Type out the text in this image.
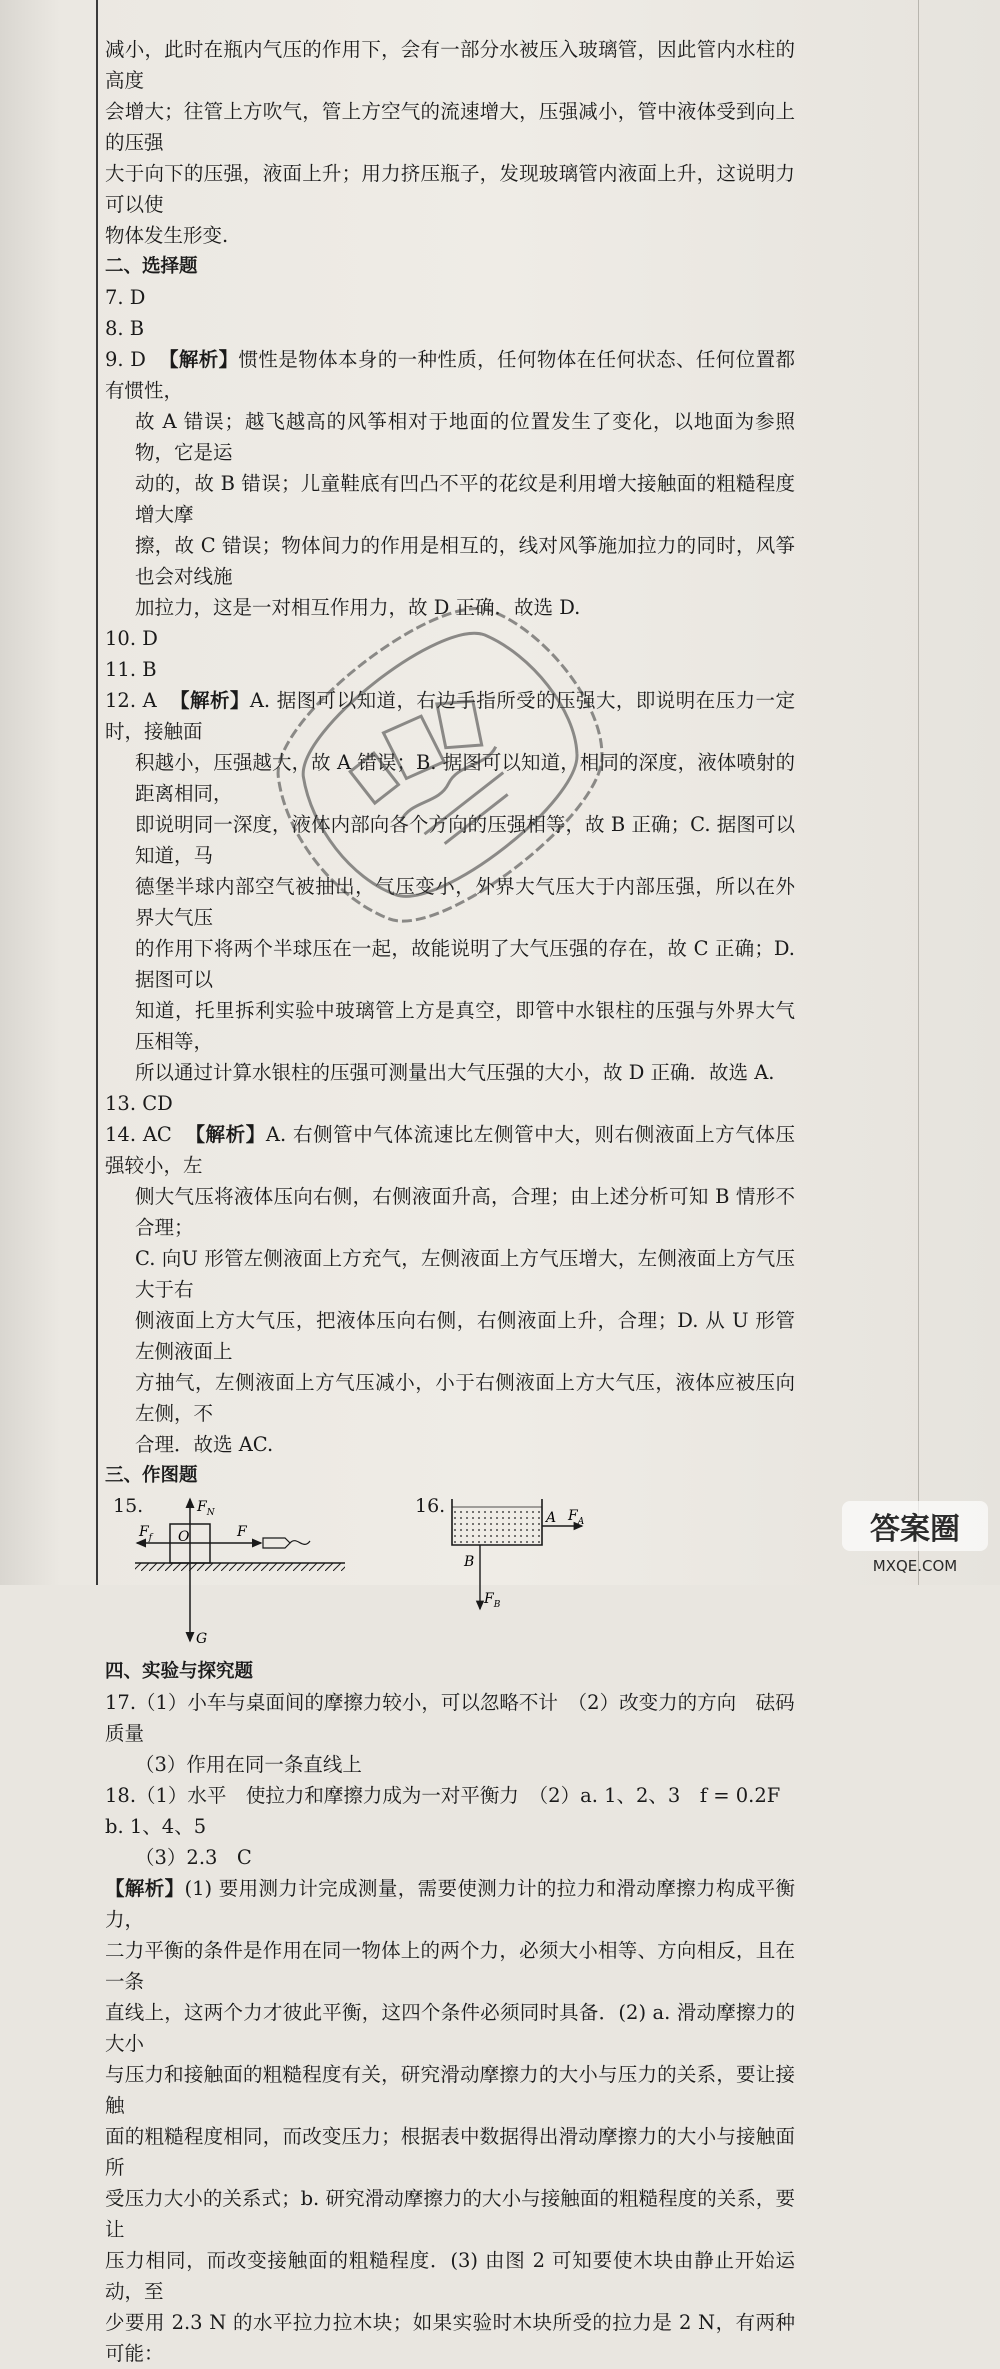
减小，此时在瓶内气压的作用下，会有一部分水被压入玻璃管，因此管内水柱的高度

会增大；往管上方吹气，管上方空气的流速增大，压强减小，管中液体受到向上的压强

大于向下的压强，液面上升；用力挤压瓶子，发现玻璃管内液面上升，这说明力可以使

物体发生形变.

二、选择题

7. D

8. B

9. D 【解析】惯性是物体本身的一种性质，任何物体在任何状态、任何位置都有惯性，

故 A 错误；越飞越高的风筝相对于地面的位置发生了变化，以地面为参照物，它是运

动的，故 B 错误；儿童鞋底有凹凸不平的花纹是利用增大接触面的粗糙程度增大摩

擦，故 C 错误；物体间力的作用是相互的，线对风筝施加拉力的同时，风筝也会对线施

加拉力，这是一对相互作用力，故 D 正确．故选 D.

10. D

11. B

12. A 【解析】A. 据图可以知道，右边手指所受的压强大，即说明在压力一定时，接触面

积越小，压强越大，故 A 错误；B. 据图可以知道，相同的深度，液体喷射的距离相同，

即说明同一深度，液体内部向各个方向的压强相等，故 B 正确；C. 据图可以知道，马

德堡半球内部空气被抽出，气压变小，外界大气压大于内部压强，所以在外界大气压

的作用下将两个半球压在一起，故能说明了大气压强的存在，故 C 正确；D. 据图可以

知道，托里拆利实验中玻璃管上方是真空，即管中水银柱的压强与外界大气压相等，

所以通过计算水银柱的压强可测量出大气压强的大小，故 D 正确．故选 A.

13. CD

14. AC 【解析】A. 右侧管中气体流速比左侧管中大，则右侧液面上方气体压强较小，左

侧大气压将液体压向右侧，右侧液面升高，合理；由上述分析可知 B 情形不合理；

C. 向U 形管左侧液面上方充气，左侧液面上方气压增大，左侧液面上方气压大于右

侧液面上方大气压，把液体压向右侧，右侧液面上升，合理；D. 从 U 形管左侧液面上

方抽气，左侧液面上方气压减小，小于右侧液面上方大气压，液体应被压向左侧，不

合理．故选 AC.

三、作图题

15.	$F_N$
$F_f$ O	F
G
16.
A $F_A$
B
$F_B$

四、实验与探究题

17.（1）小车与桌面间的摩擦力较小，可以忽略不计　（2）改变力的方向　砝码质量

（3）作用在同一条直线上

18.（1）水平　使拉力和摩擦力成为一对平衡力　（2）a. 1、2、3　f = 0.2F　b. 1、4、5

（3）2.3　C

【解析】(1) 要用测力计完成测量，需要使测力计的拉力和滑动摩擦力构成平衡力，

二力平衡的条件是作用在同一物体上的两个力，必须大小相等、方向相反，且在一条

直线上，这两个力才彼此平衡，这四个条件必须同时具备．(2) a. 滑动摩擦力的大小

与压力和接触面的粗糙程度有关，研究滑动摩擦力的大小与压力的关系，要让接触

面的粗糙程度相同，而改变压力；根据表中数据得出滑动摩擦力的大小与接触面所

受压力大小的关系式；b. 研究滑动摩擦力的大小与接触面的粗糙程度的关系，要让

压力相同，而改变接触面的粗糙程度．(3) 由图 2 可知要使木块由静止开始运动，至

少要用 2.3 N 的水平拉力拉木块；如果实验时木块所受的拉力是 2 N，有两种可能：

答案圈
MXQE.COM
